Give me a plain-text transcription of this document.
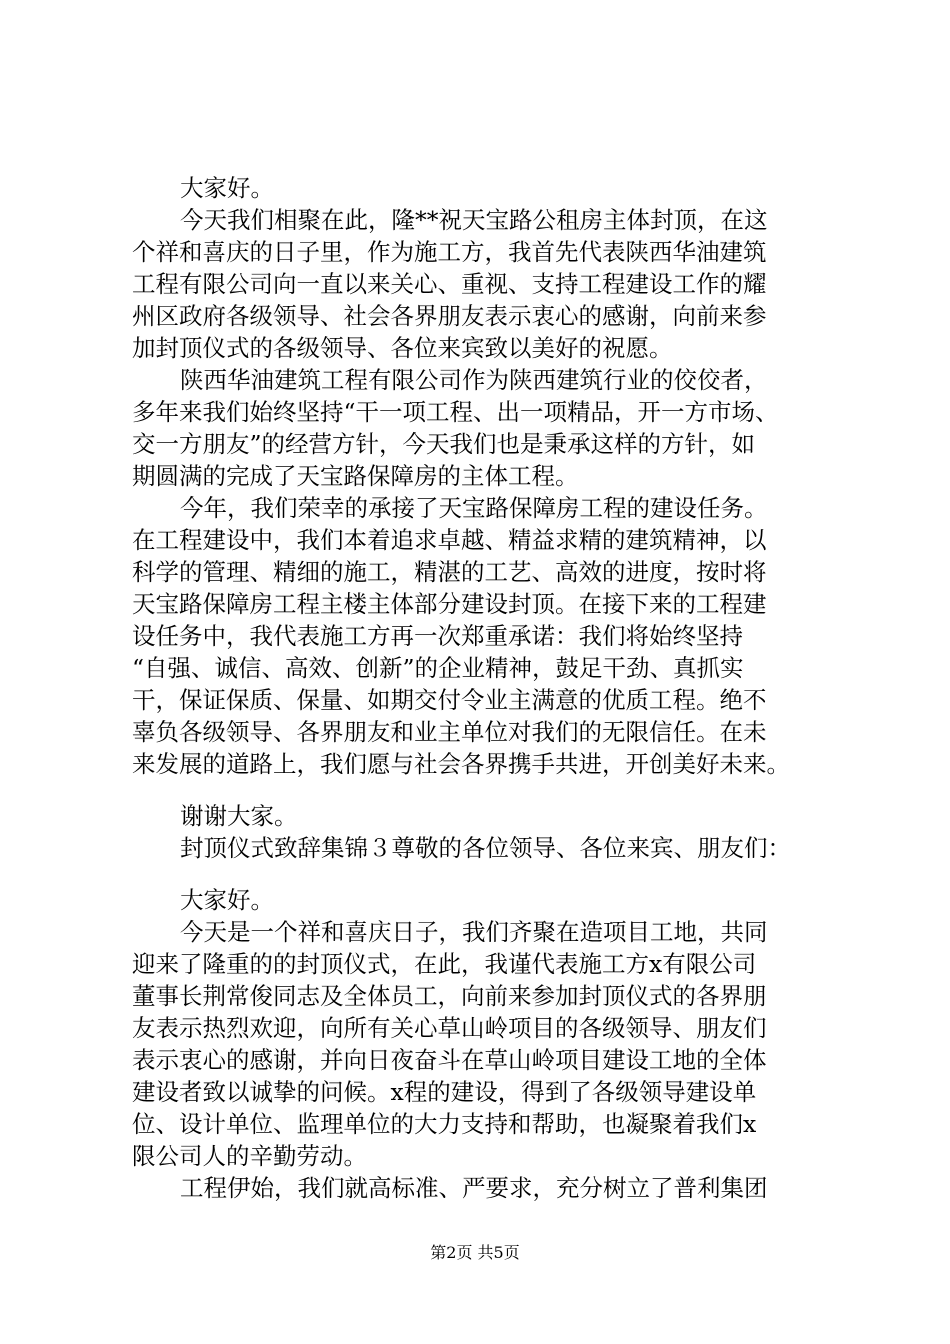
大家好。
今天我们相聚在此，隆**祝天宝路公租房主体封顶，在这
个祥和喜庆的日子里，作为施工方，我首先代表陕西华油建筑
工程有限公司向一直以来关心、重视、支持工程建设工作的耀
州区政府各级领导、社会各界朋友表示衷心的感谢，向前来参
加封顶仪式的各级领导、各位来宾致以美好的祝愿。
陕西华油建筑工程有限公司作为陕西建筑行业的佼佼者，
多年来我们始终坚持“干一项工程、出一项精品，开一方市场、
交一方朋友”的经营方针，今天我们也是秉承这样的方针，如
期圆满的完成了天宝路保障房的主体工程。
今年，我们荣幸的承接了天宝路保障房工程的建设任务。
在工程建设中，我们本着追求卓越、精益求精的建筑精神，以
科学的管理、精细的施工，精湛的工艺、高效的进度，按时将
天宝路保障房工程主楼主体部分建设封顶。在接下来的工程建
设任务中，我代表施工方再一次郑重承诺：我们将始终坚持
“自强、诚信、高效、创新”的企业精神，鼓足干劲、真抓实
干，保证保质、保量、如期交付令业主满意的优质工程。绝不
辜负各级领导、各界朋友和业主单位对我们的无限信任。在未
来发展的道路上，我们愿与社会各界携手共进，开创美好未来。
谢谢大家。
封顶仪式致辞集锦３尊敬的各位领导、各位来宾、朋友们：
大家好。
今天是一个祥和喜庆日子，我们齐聚在造项目工地，共同
迎来了隆重的的封顶仪式，在此，我谨代表施工方x有限公司
董事长荆常俊同志及全体员工，向前来参加封顶仪式的各界朋
友表示热烈欢迎，向所有关心草山岭项目的各级领导、朋友们
表示衷心的感谢，并向日夜奋斗在草山岭项目建设工地的全体
建设者致以诚挚的问候。x程的建设，得到了各级领导建设单
位、设计单位、监理单位的大力支持和帮助，也凝聚着我们x
限公司人的辛勤劳动。
工程伊始，我们就高标准、严要求，充分树立了普利集团
第2页 共5页
